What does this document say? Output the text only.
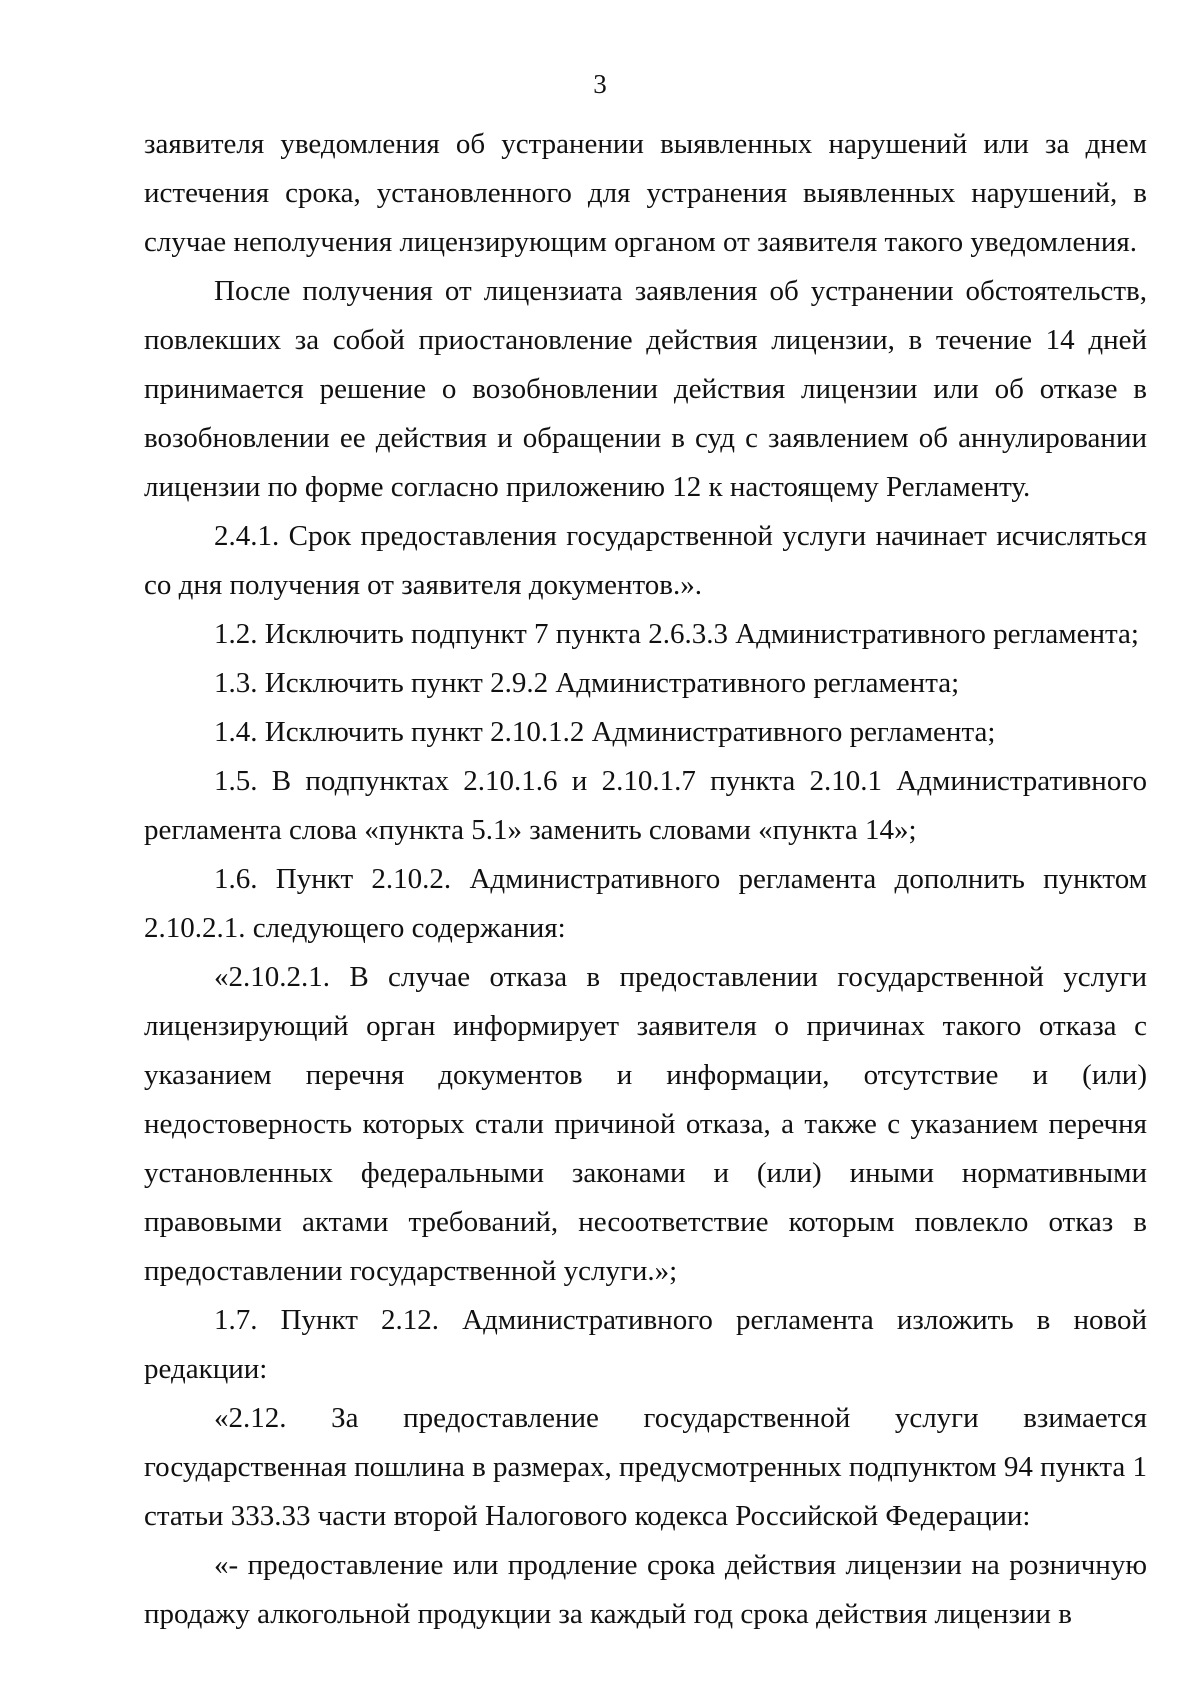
3

заявителя уведомления об устранении выявленных нарушений или за днем истечения срока, установленного для устранения выявленных нарушений, в случае неполучения лицензирующим органом от заявителя такого уведомления.

После получения от лицензиата заявления об устранении обстоятельств, повлекших за собой приостановление действия лицензии, в течение 14 дней принимается решение о возобновлении действия лицензии или об отказе в возобновлении ее действия и обращении в суд с заявлением об аннулировании лицензии по форме согласно приложению 12 к настоящему Регламенту.

2.4.1. Срок предоставления государственной услуги начинает исчисляться со дня получения от заявителя документов.».

1.2. Исключить подпункт 7 пункта 2.6.3.3 Административного регламента;

1.3. Исключить пункт 2.9.2 Административного регламента;

1.4. Исключить пункт 2.10.1.2 Административного регламента;

1.5. В подпунктах 2.10.1.6 и 2.10.1.7 пункта 2.10.1 Административного регламента слова «пункта 5.1» заменить словами «пункта 14»;

1.6. Пункт 2.10.2. Административного регламента дополнить пунктом 2.10.2.1. следующего содержания:

«2.10.2.1. В случае отказа в предоставлении государственной услуги лицензирующий орган информирует заявителя о причинах такого отказа с указанием перечня документов и информации, отсутствие и (или) недостоверность которых стали причиной отказа, а также с указанием перечня установленных федеральными законами и (или) иными нормативными правовыми актами требований, несоответствие которым повлекло отказ в предоставлении государственной услуги.»;

1.7. Пункт 2.12. Административного регламента изложить в новой редакции:

«2.12. За предоставление государственной услуги взимается государственная пошлина в размерах, предусмотренных подпунктом 94 пункта 1 статьи 333.33 части второй Налогового кодекса Российской Федерации:

«- предоставление или продление срока действия лицензии на розничную продажу алкогольной продукции за каждый год срока действия лицензии в
